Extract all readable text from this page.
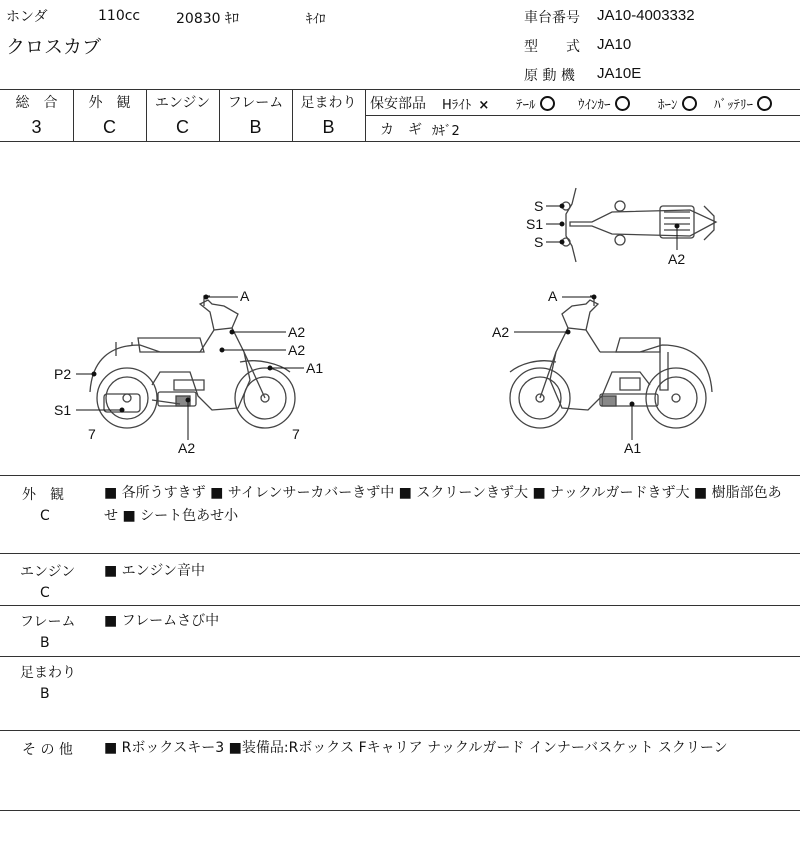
ホンダ	110cc	20830 ｷﾛ	ｷｲﾛ
クロスカブ
車台番号 JA10-4003332
型　　式 JA10
原 動 機 JA10E
総　合	外　観	エンジン	フレーム	足まわり
3	C	C	B	B
保安部品 Hﾗｲﾄ × ﾃｰﾙ	ｳｲﾝｶｰ	ﾎｰﾝ	ﾊﾞｯﾃﾘｰ
カ　ギ ｶｷﾞ2
A
A2
A2
A1
P2
S1
7
A2
7
A
A2
A1
S
S1
S
A2
外　観
C
■ 各所うすきず ■ サイレンサーカバーきず中 ■ スクリーンきず大 ■ ナックルガードきず大 ■ 樹脂部色あせ ■ シート色あせ小
エンジン
C
■ エンジン音中
フレーム
B
■ フレームさび中
足まわり
B
そ の 他 ■ Rボックスキー3 ■装備品:Rボックス Fキャリア ナックルガード インナーバスケット スクリーン
